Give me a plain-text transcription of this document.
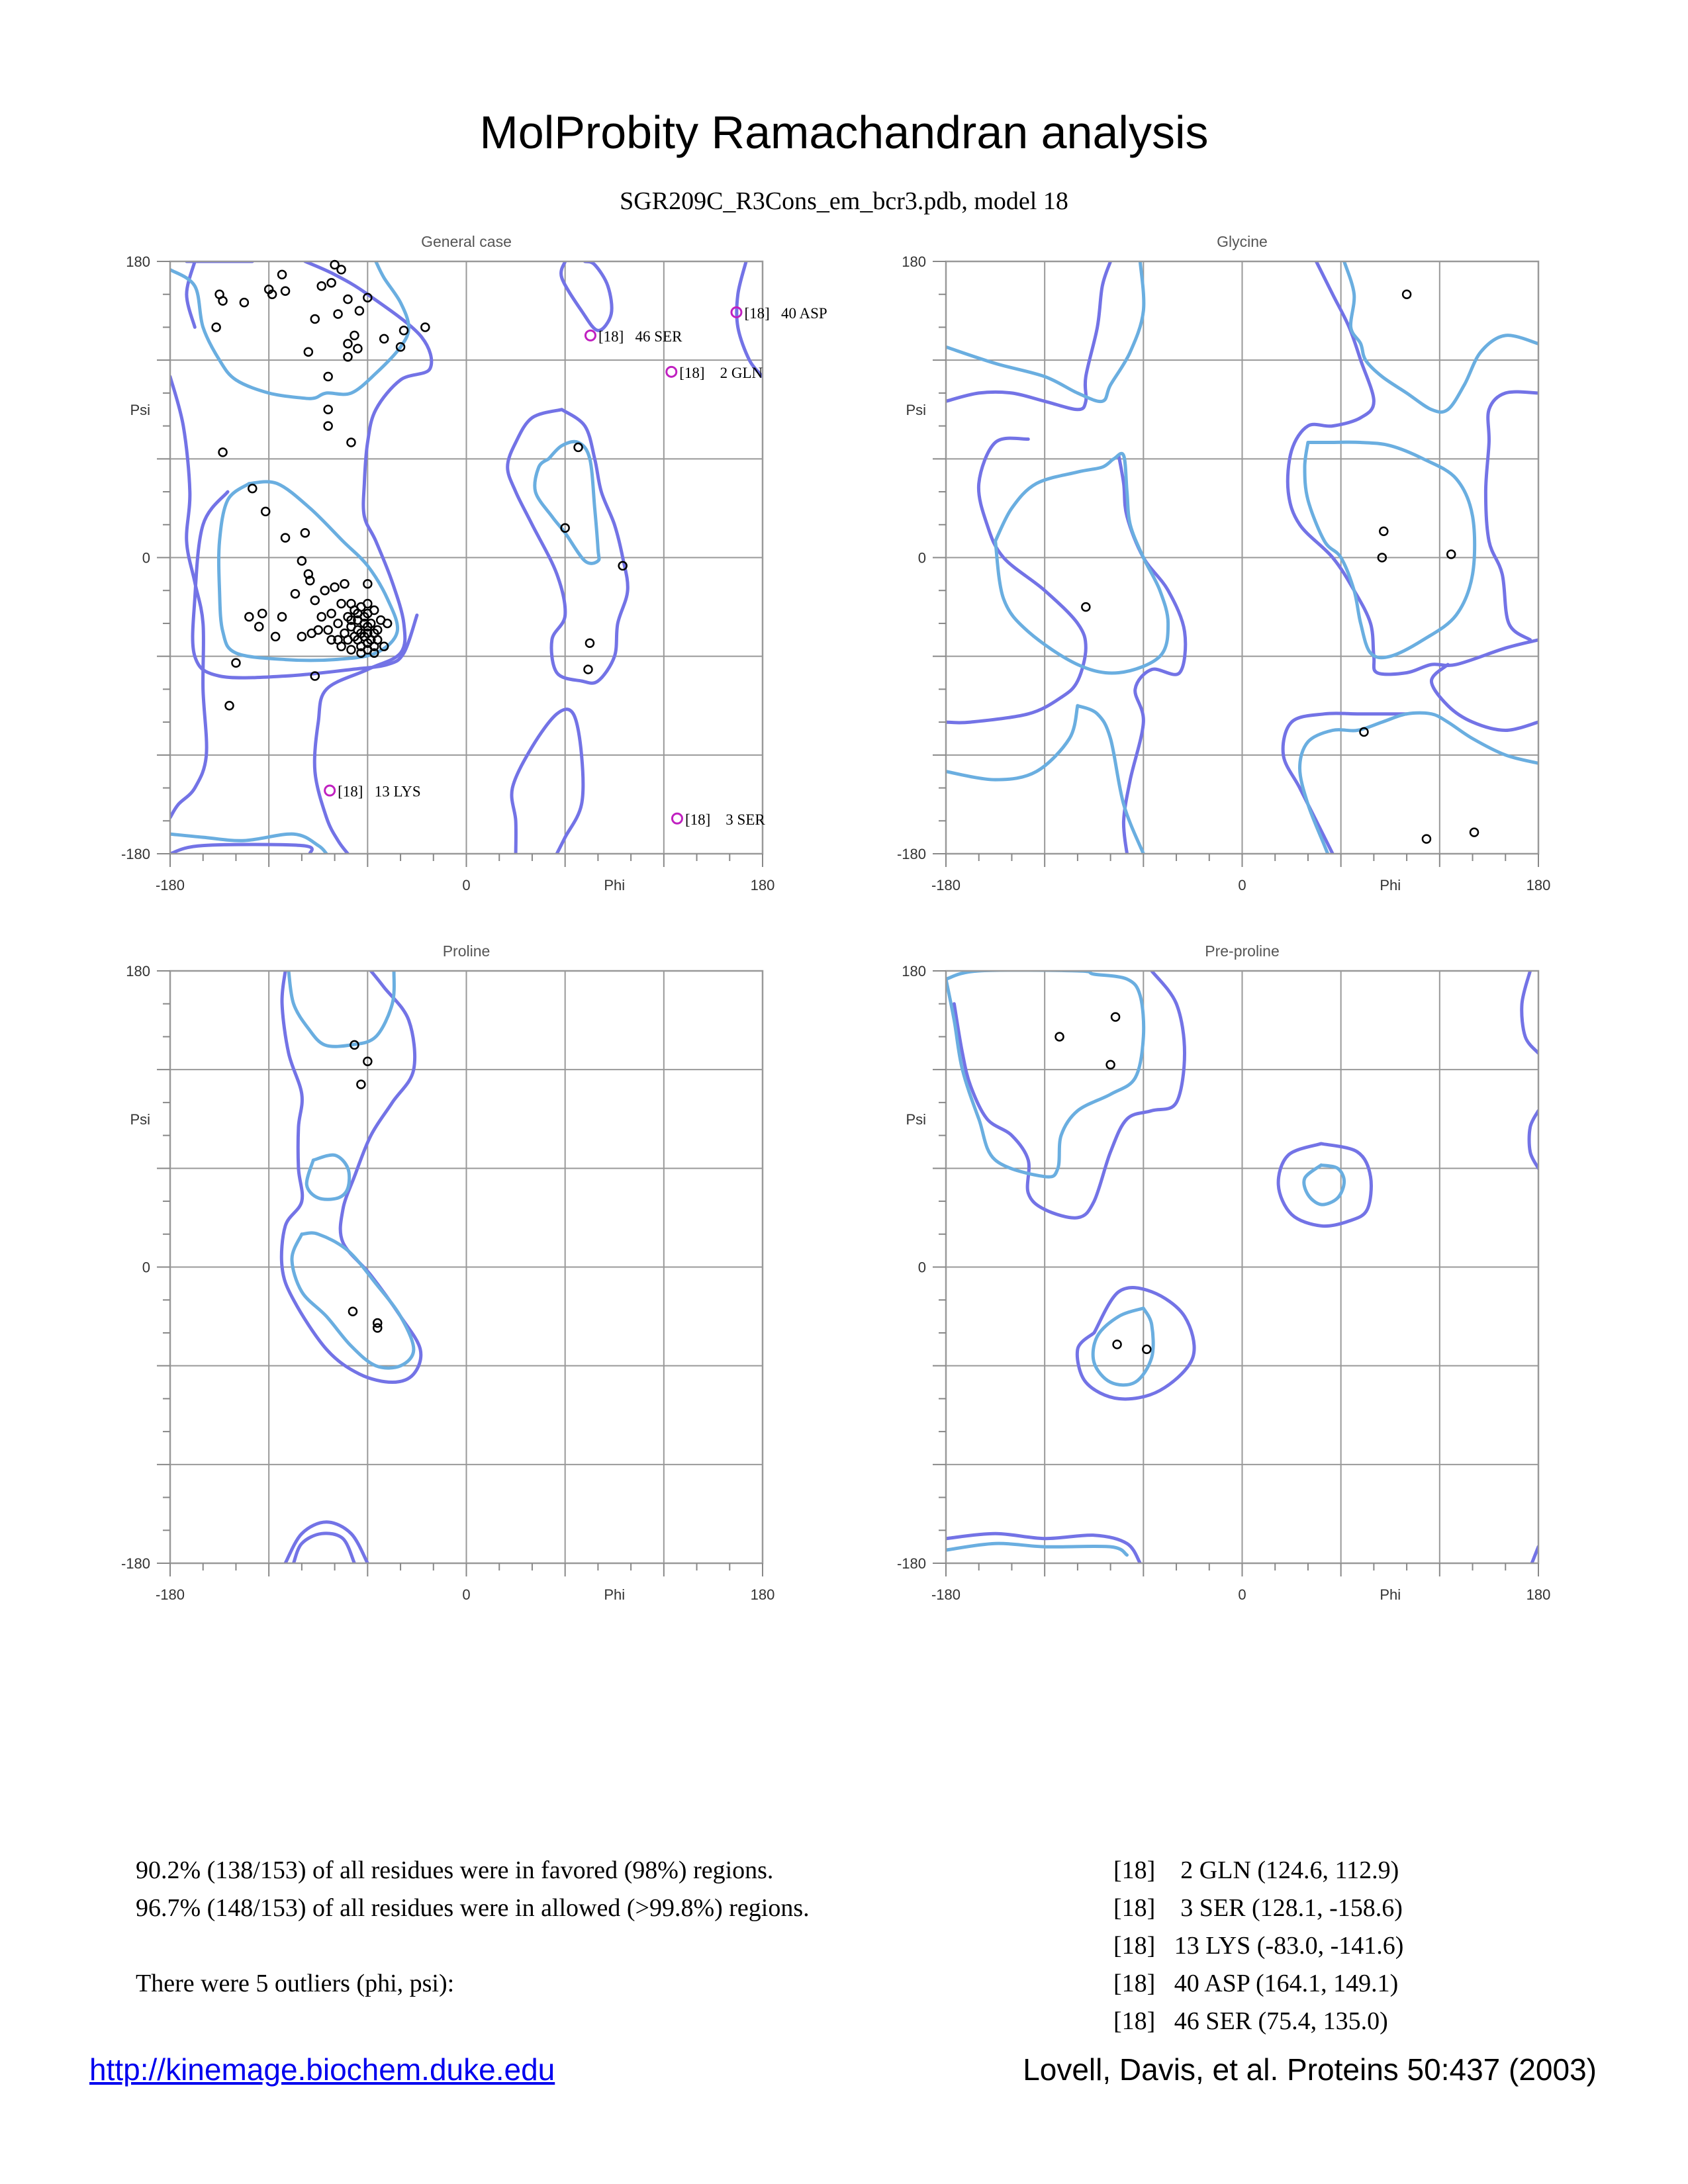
MolProbity Ramachandran analysis
SGR209C_R3Cons_em_bcr3.pdb, model 18
General case
-180	0	180
180
0
-180
Phi
Psi
[18]    2 GLN
[18]    3 SER
[18]   13 LYS
[18]   40 ASP
[18]   46 SER
Glycine
-180	0	180
180
0
-180
Phi
Psi
Proline
-180	0	180
180
0
-180
Phi
Psi
Pre-proline
-180	0	180
180
0
-180
Phi
Psi
90.2% (138/153) of all residues were in favored (98%) regions.
96.7% (148/153) of all residues were in allowed (>99.8%) regions.
There were 5 outliers (phi, psi):
[18]    2 GLN (124.6, 112.9)
[18]    3 SER (128.1, -158.6)
[18]   13 LYS (-83.0, -141.6)
[18]   40 ASP (164.1, 149.1)
[18]   46 SER (75.4, 135.0)
http://kinemage.biochem.duke.edu	Lovell, Davis, et al. Proteins 50:437 (2003)
